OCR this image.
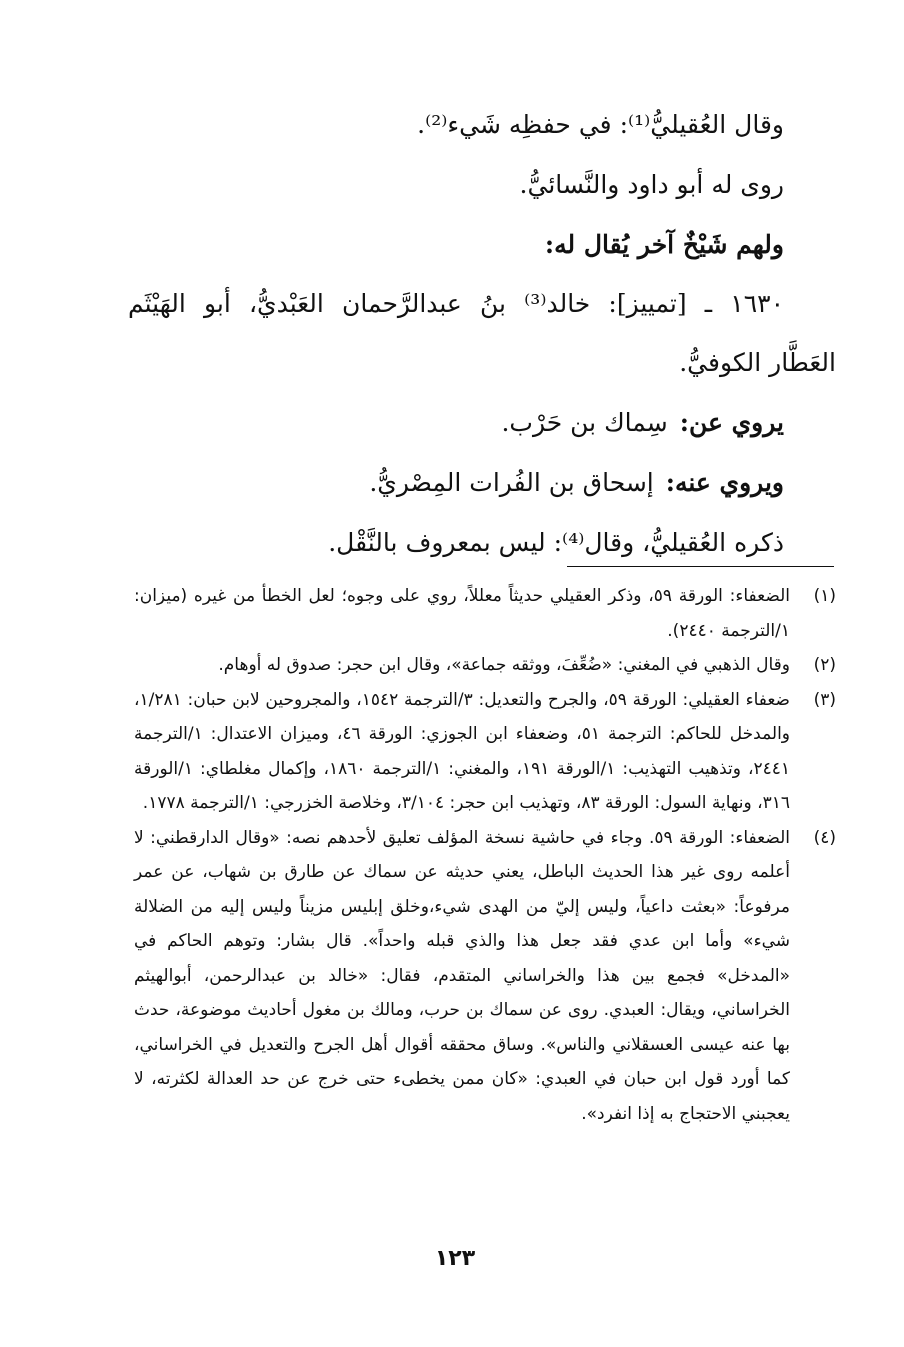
وقال العُقيليُّ⁽¹⁾: في حفظِه شَيء⁽²⁾.
روى له أبو داود والنَّسائيُّ.
ولهم شَيْخٌ آخر يُقال له:
١٦٣٠ ـ [تمييز]: خالد⁽³⁾ بنُ عبدالرَّحمان العَبْديُّ، أبو الهَيْثَم
العَطَّار الكوفيُّ.
يروي عن:سِماك بن حَرْب.
ويروي عنه:إسحاق بن الفُرات المِصْريُّ.
ذكره العُقيليُّ، وقال⁽⁴⁾: ليس بمعروف بالنَّقْل.
(١)
الضعفاء: الورقة ٥٩، وذكر العقيلي حديثاً معللاً، روي على وجوه؛ لعل الخطأ من غيره (ميزان: ١/الترجمة ٢٤٤٠).
(٢)
وقال الذهبي في المغني: «ضُعِّفَ، ووثقه جماعة»، وقال ابن حجر: صدوق له أوهام.
(٣)
ضعفاء العقيلي: الورقة ٥٩، والجرح والتعديل: ٣/الترجمة ١٥٤٢، والمجروحين لابن حبان: ١/٢٨١، والمدخل للحاكم: الترجمة ٥١، وضعفاء ابن الجوزي: الورقة ٤٦، وميزان الاعتدال: ١/الترجمة ٢٤٤١، وتذهيب التهذيب: ١/الورقة ١٩١، والمغني: ١/الترجمة ١٨٦٠، وإكمال مغلطاي: ١/الورقة ٣١٦، ونهاية السول: الورقة ٨٣، وتهذيب ابن حجر: ٣/١٠٤، وخلاصة الخزرجي: ١/الترجمة ١٧٧٨.
(٤)
الضعفاء: الورقة ٥٩. وجاء في حاشية نسخة المؤلف تعليق لأحدهم نصه: «وقال الدارقطني: لا أعلمه روى غير هذا الحديث الباطل، يعني حديثه عن سماك عن طارق بن شهاب، عن عمر مرفوعاً: «بعثت داعياً، وليس إليّ من الهدى شيء،وخلق إبليس مزيناً وليس إليه من الضلالة شيء» وأما ابن عدي فقد جعل هذا والذي قبله واحداً». قال بشار: وتوهم الحاكم في «المدخل» فجمع بين هذا والخراساني المتقدم، فقال: «خالد بن عبدالرحمن، أبوالهيثم الخراساني، ويقال: العبدي. روى عن سماك بن حرب، ومالك بن مغول أحاديث موضوعة، حدث بها عنه عيسى العسقلاني والناس». وساق محققه أقوال أهل الجرح والتعديل في الخراساني، كما أورد قول ابن حبان في العبدي: «كان ممن يخطىء حتى خرج عن حد العدالة لكثرته، لا يعجبني الاحتجاج به إذا انفرد».
١٢٣
